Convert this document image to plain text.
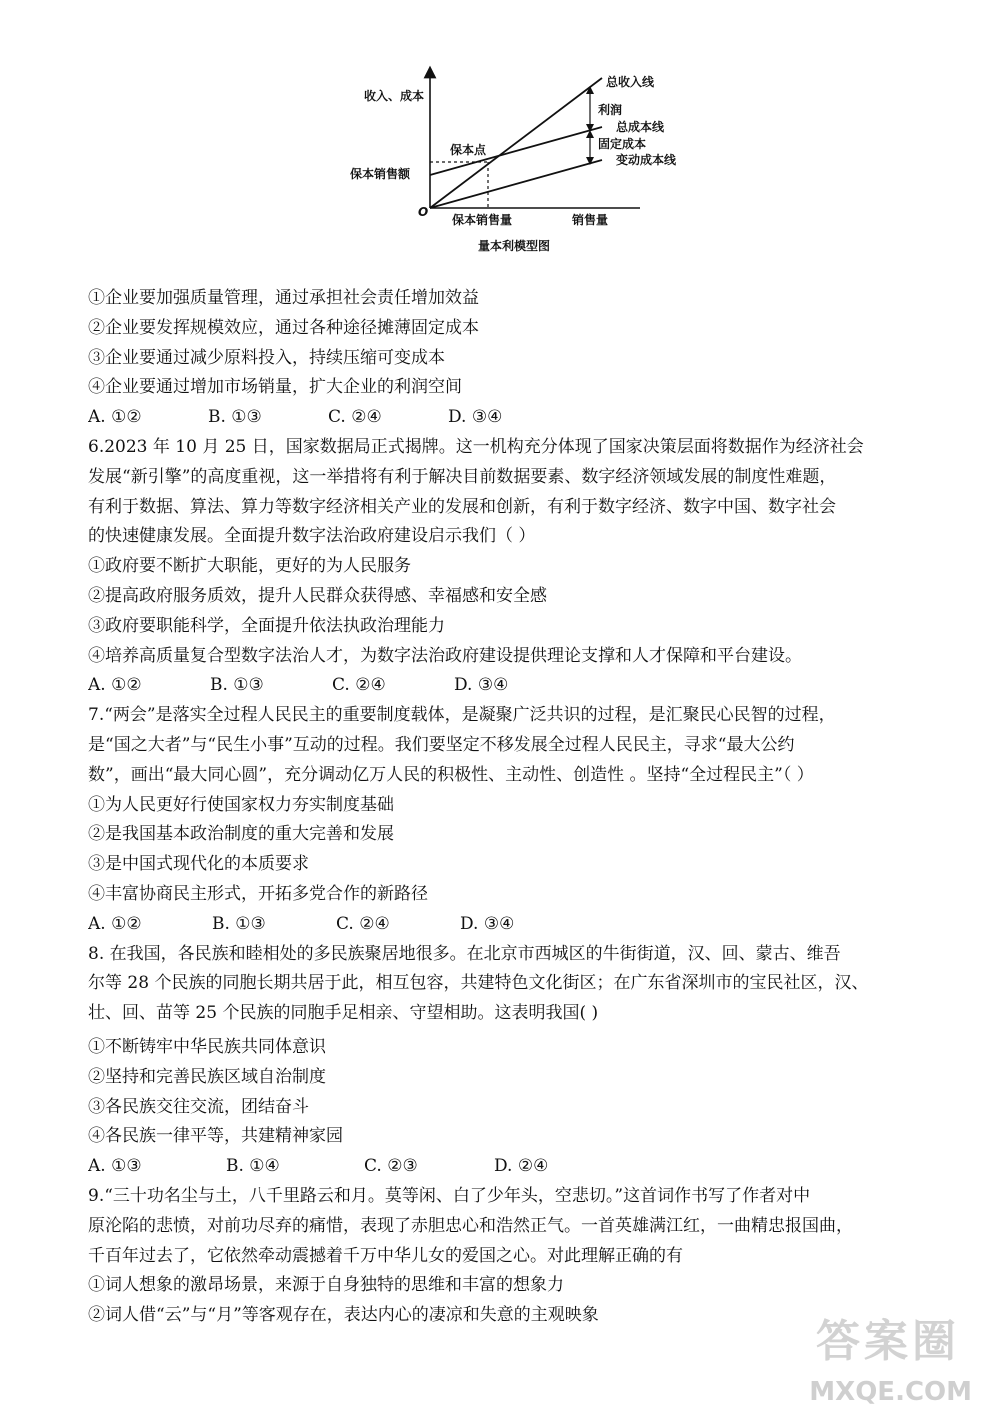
收入、成本
保本销售额
保本点
O
保本销售量	销售量
量本利模型图
总收入线
利润
总成本线
固定成本
变动成本线
①企业要加强质量管理，通过承担社会责任增加效益
②企业要发挥规模效应，通过各种途径摊薄固定成本
③企业要通过减少原料投入，持续压缩可变成本
④企业要通过增加市场销量，扩大企业的利润空间
A. ①②	B. ①③	C. ②④	D. ③④
6.2023 年 10 月 25 日，国家数据局正式揭牌。这一机构充分体现了国家决策层面将数据作为经济社会
发展“新引擎”的高度重视，这一举措将有利于解决目前数据要素、数字经济领域发展的制度性难题，
有利于数据、算法、算力等数字经济相关产业的发展和创新，有利于数字经济、数字中国、数字社会
的快速健康发展。全面提升数字法治政府建设启示我们（ ）
①政府要不断扩大职能，更好的为人民服务
②提高政府服务质效，提升人民群众获得感、幸福感和安全感
③政府要职能科学，全面提升依法执政治理能力
④培养高质量复合型数字法治人才，为数字法治政府建设提供理论支撑和人才保障和平台建设。
A. ①②	B. ①③	C. ②④	D. ③④
7.“两会”是落实全过程人民民主的重要制度载体，是凝聚广泛共识的过程，是汇聚民心民智的过程，
是“国之大者”与“民生小事”互动的过程。我们要坚定不移发展全过程人民民主，寻求“最大公约
数”，画出“最大同心圆”，充分调动亿万人民的积极性、主动性、创造性 。坚持“全过程民主”（ ）
①为人民更好行使国家权力夯实制度基础
②是我国基本政治制度的重大完善和发展
③是中国式现代化的本质要求
④丰富协商民主形式，开拓多党合作的新路径
A. ①②	B. ①③	C. ②④	D. ③④
8. 在我国，各民族和睦相处的多民族聚居地很多。在北京市西城区的牛街街道，汉、回、蒙古、维吾
尔等 28 个民族的同胞长期共居于此，相互包容，共建特色文化街区；在广东省深圳市的宝民社区，汉、
壮、回、苗等 25 个民族的同胞手足相亲、守望相助。这表明我国( )
①不断铸牢中华民族共同体意识
②坚持和完善民族区域自治制度
③各民族交往交流，团结奋斗
④各民族一律平等，共建精神家园
A. ①③	B. ①④	C. ②③	D. ②④
9.“三十功名尘与土，八千里路云和月。莫等闲、白了少年头，空悲切。”这首词作书写了作者对中
原沦陷的悲愤，对前功尽弃的痛惜，表现了赤胆忠心和浩然正气。一首英雄满江红，一曲精忠报国曲，
千百年过去了，它依然牵动震撼着千万中华儿女的爱国之心。对此理解正确的有
①词人想象的激昂场景，来源于自身独特的思维和丰富的想象力
②词人借“云”与“月”等客观存在，表达内心的凄凉和失意的主观映象
答案圈
MXQE.COM
